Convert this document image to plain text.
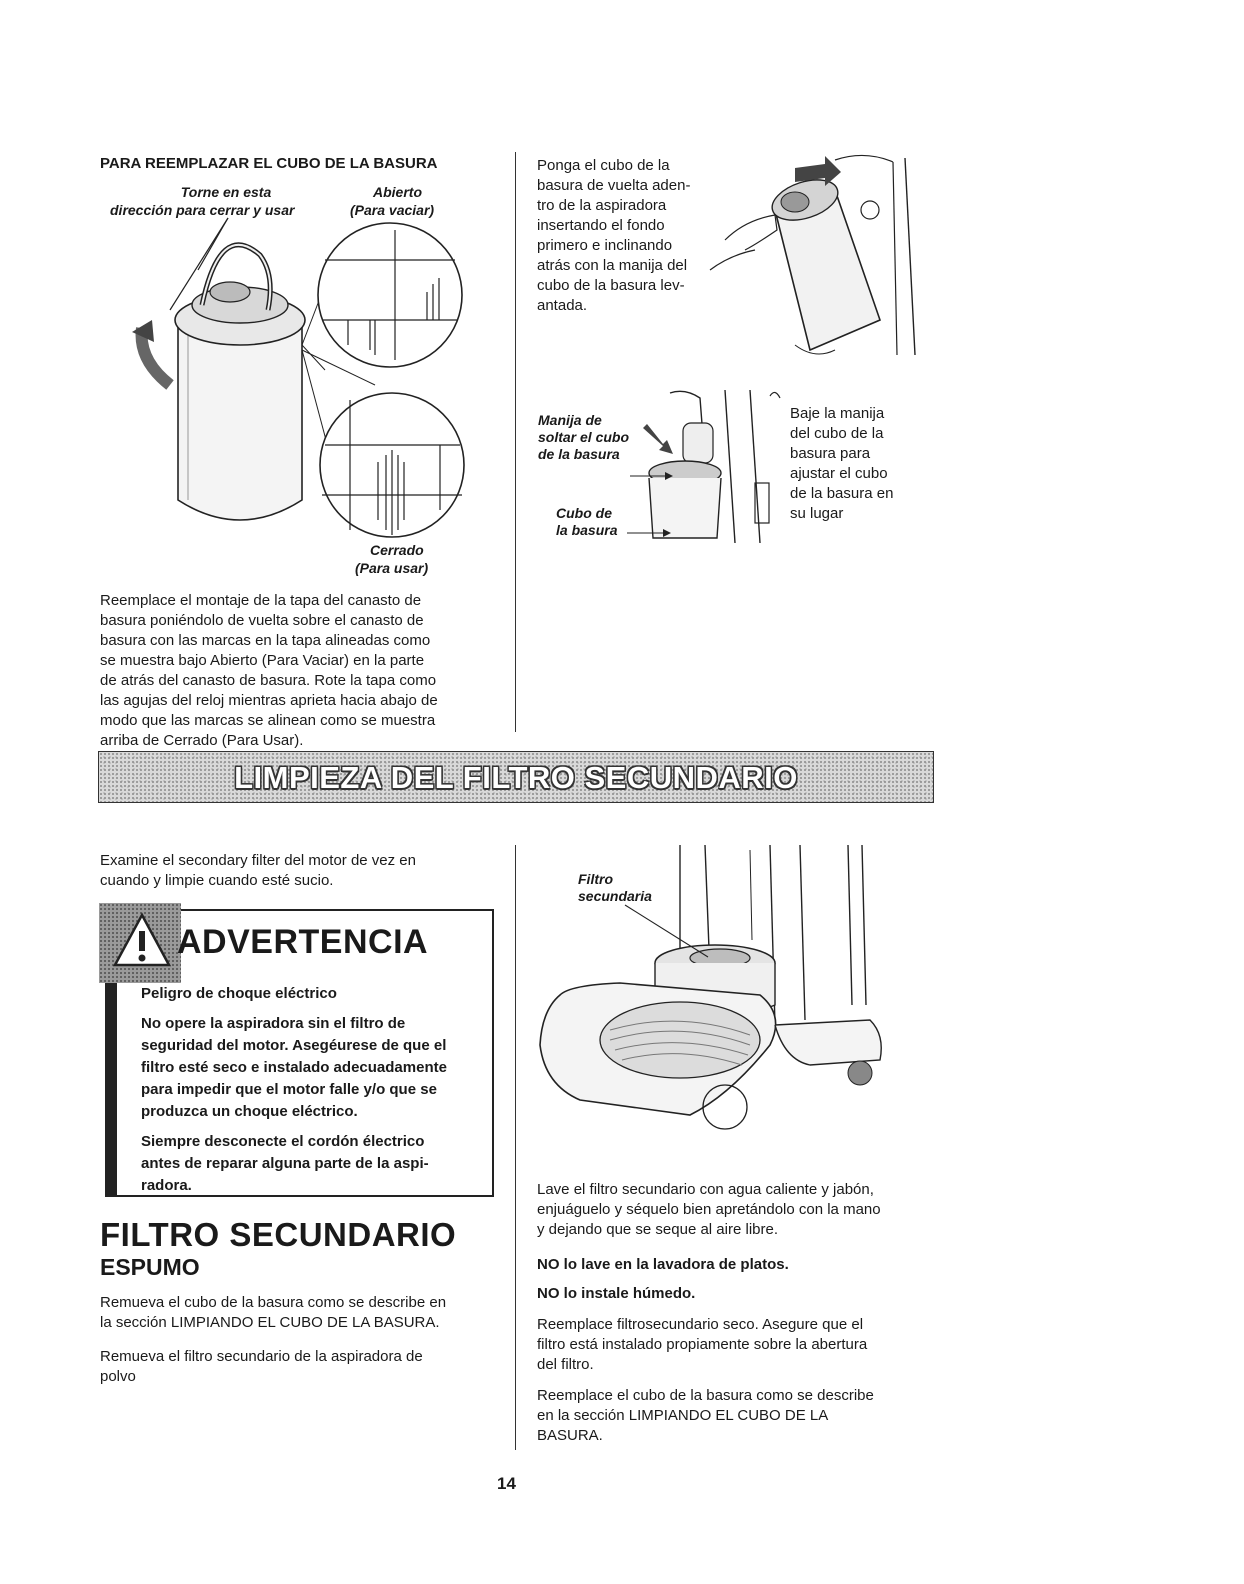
PARA REEMPLAZAR EL CUBO DE LA BASURA
Torne en esta
dirección para cerrar y usar
Abierto
(Para vaciar)
Cerrado
(Para usar)
Reemplace el montaje de la tapa del canasto de
basura poniéndolo de vuelta sobre el canasto de
basura con las marcas en la tapa alineadas como
se muestra bajo Abierto (Para Vaciar) en la parte
de atrás del canasto de basura. Rote la tapa como
las agujas del reloj mientras aprieta hacia abajo de
modo que las marcas se alinean como se muestra
arriba de Cerrado (Para Usar).
Ponga el cubo de la
basura de vuelta aden-
tro de la aspiradora
insertando el fondo
primero e inclinando
atrás con la manija del
cubo de la basura lev-
antada.
Manija de
soltar el cubo
de la basura
Cubo de
la basura
Baje la manija
del cubo de la
basura para
ajustar el cubo
de la basura en
su lugar
LIMPIEZA DEL FILTRO SECUNDARIO
Examine el secondary filter del motor de vez en
cuando y limpie cuando esté sucio.
ADVERTENCIA

Peligro de choque eléctrico

No opere la aspiradora sin el filtro de
seguridad del motor. Asegéurese de que el
filtro esté seco e instalado adecuadamente
para impedir que el motor falle y/o que se
produzca un choque eléctrico.

Siempre desconecte el cordón électrico
antes de reparar alguna parte de la aspi-
radora.

FILTRO SECUNDARIO
ESPUMO
Remueva el cubo de la basura como se describe en
la sección LIMPIANDO EL CUBO DE LA BASURA.
Remueva el filtro secundario de la aspiradora de
polvo
Filtro
secundaria
Lave el filtro secundario con agua caliente y jabón,
enjuáguelo y séquelo bien apretándolo con la mano
y dejando que se seque al aire libre.
NO lo lave en la lavadora de platos.
NO lo instale húmedo.
Reemplace filtrosecundario seco. Asegure que el
filtro está instalado propiamente sobre la abertura
del filtro.
Reemplace el cubo de la basura como se describe
en la sección LIMPIANDO EL CUBO DE LA
BASURA.
14
